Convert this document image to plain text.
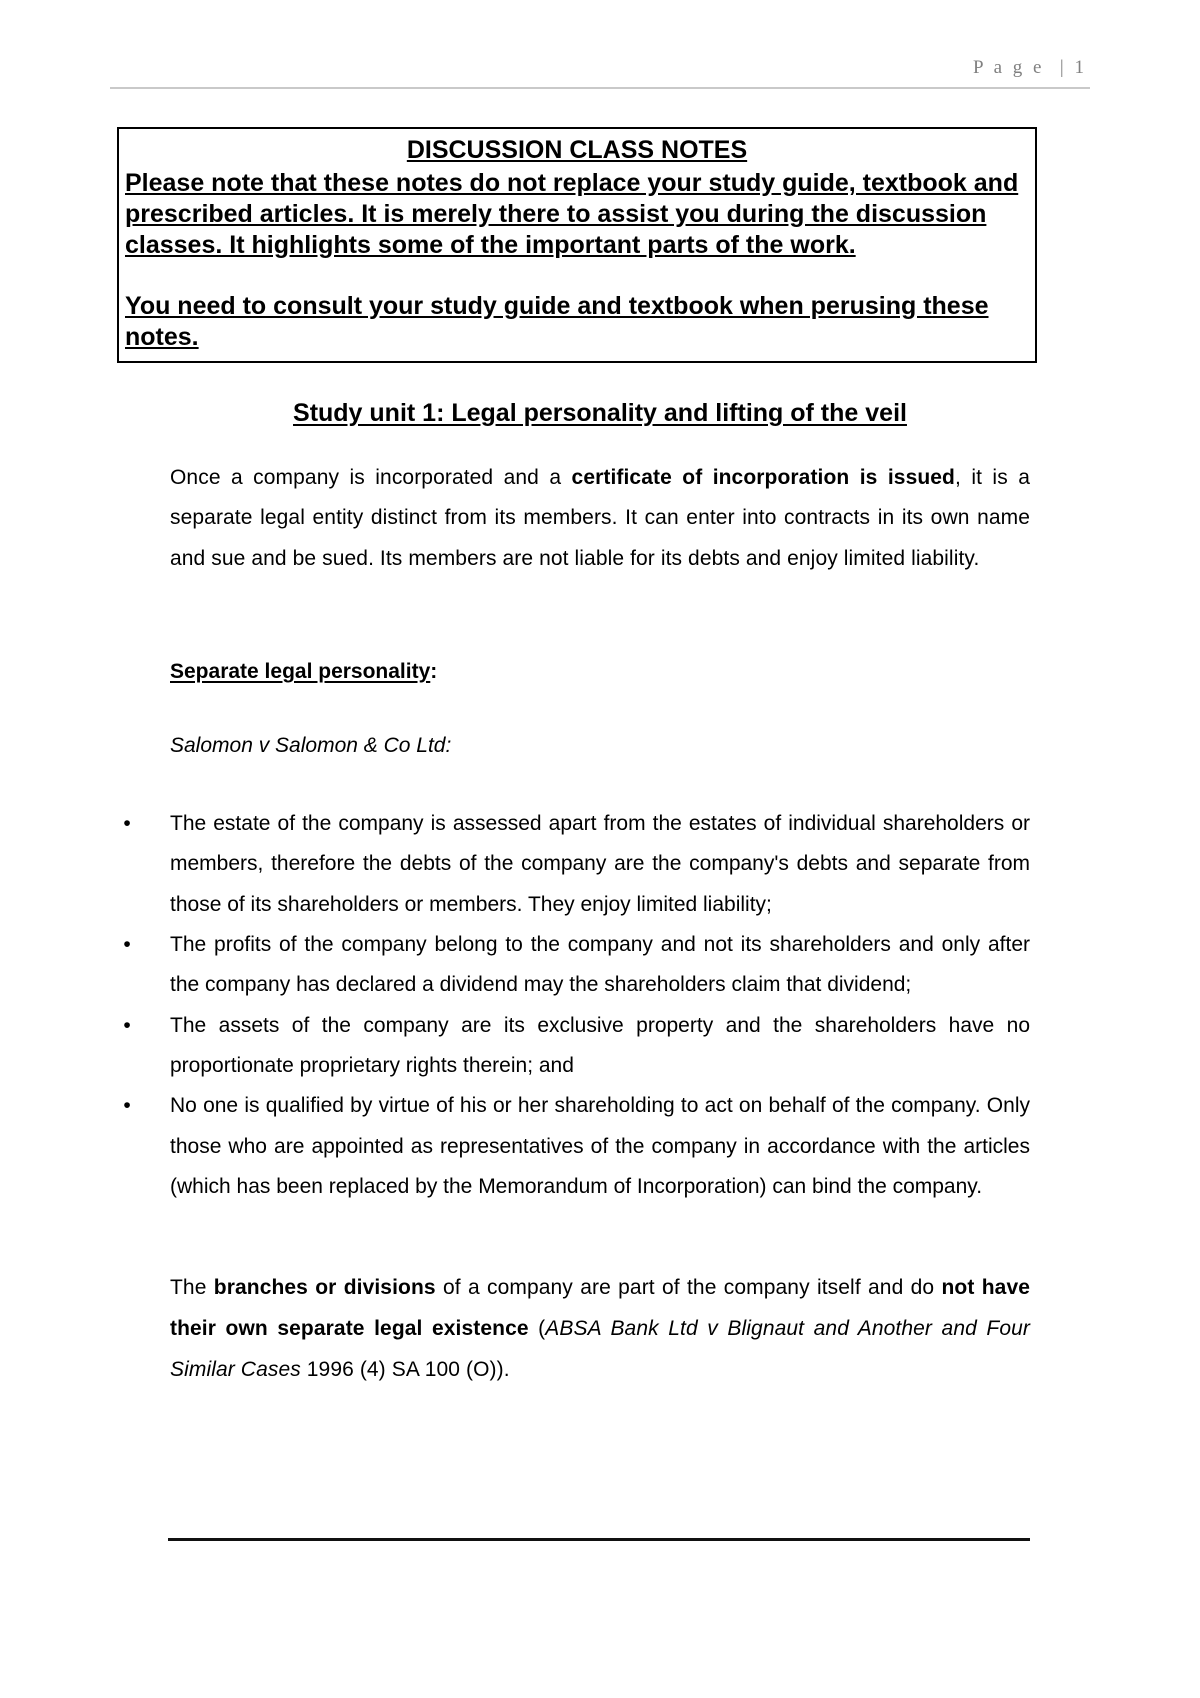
P a g e  | 1
DISCUSSION CLASS NOTES
Please note that these notes do not replace your study guide, textbook and prescribed articles. It is merely there to assist you during the discussion classes. It highlights some of the important parts of the work.
You need to consult your study guide and textbook when perusing these notes.
Study unit 1: Legal personality and lifting of the veil
Once a company is incorporated and a certificate of incorporation is issued, it is a separate legal entity distinct from its members. It can enter into contracts in its own name and sue and be sued. Its members are not liable for its debts and enjoy limited liability.
Separate legal personality:
Salomon v Salomon & Co Ltd:
• The estate of the company is assessed apart from the estates of individual shareholders or members, therefore the debts of the company are the company's debts and separate from those of its shareholders or members. They enjoy limited liability;
• The profits of the company belong to the company and not its shareholders and only after the company has declared a dividend may the shareholders claim that dividend;
• The assets of the company are its exclusive property and the shareholders have no proportionate proprietary rights therein; and
• No one is qualified by virtue of his or her shareholding to act on behalf of the company. Only those who are appointed as representatives of the company in accordance with the articles (which has been replaced by the Memorandum of Incorporation) can bind the company.
The branches or divisions of a company are part of the company itself and do not have their own separate legal existence (ABSA Bank Ltd v Blignaut and Another and Four Similar Cases 1996 (4) SA 100 (O)).
